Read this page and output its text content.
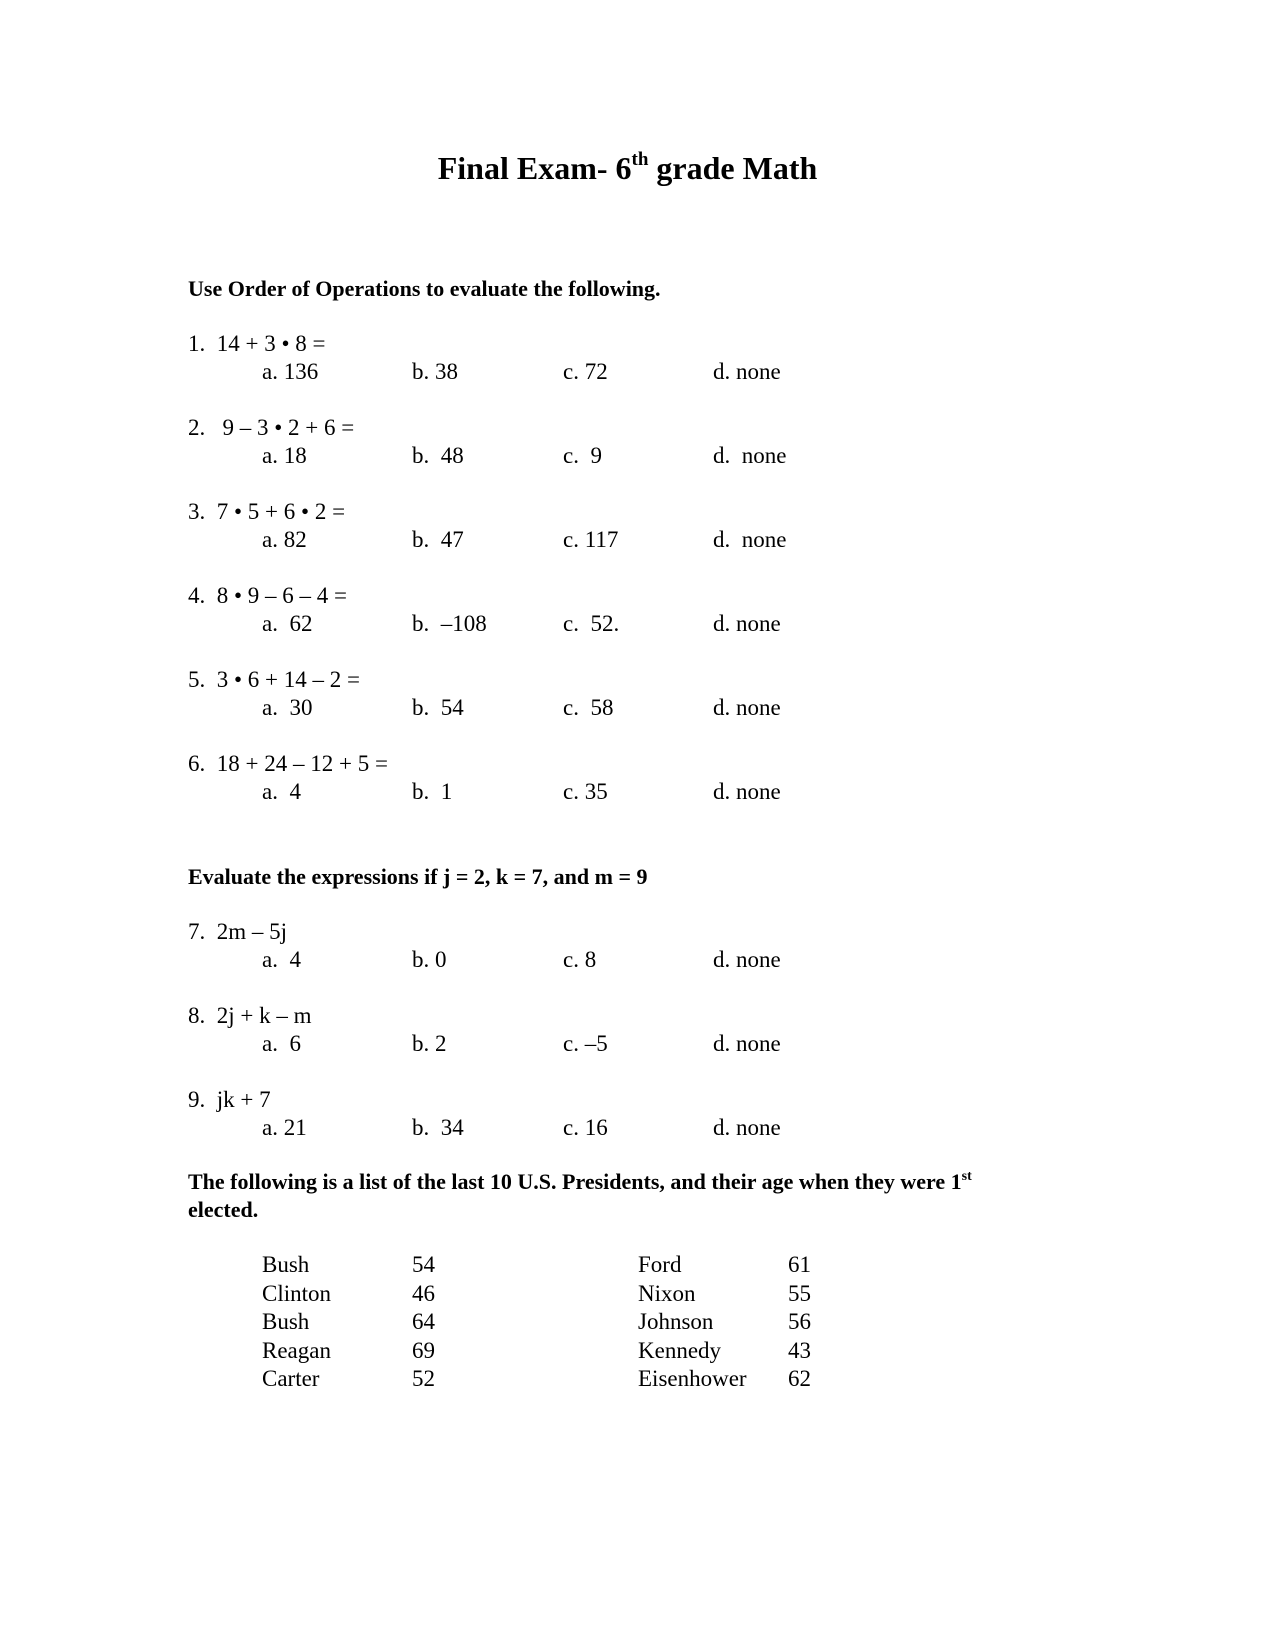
Final Exam- 6th grade Math
Use Order of Operations to evaluate the following.
1.  14 + 3 • 8 =
a. 136	b. 38	c. 72	d. none
2.   9 – 3 • 2 + 6 =
a. 18	b.  48	c.  9	d.  none
3.  7 • 5 + 6 • 2 =
a. 82	b.  47	c. 117	d.  none
4.  8 • 9 – 6 – 4 =
a.  62	b.  –108	c.  52.	d. none
5.  3 • 6 + 14 – 2 =
a.  30	b.  54	c.  58	d. none
6.  18 + 24 – 12 + 5 =
a.  4	b.  1	c. 35	d. none
Evaluate the expressions if j = 2, k = 7, and m = 9
7.  2m – 5j
a.  4	b. 0	c. 8	d. none
8.  2j + k – m
a.  6	b. 2	c. –5	d. none
9.  jk + 7
a. 21	b.  34	c. 16	d. none
The following is a list of the last 10 U.S. Presidents, and their age when they were 1st
elected.
Bush	54
Clinton	46
Bush	64
Reagan	69
Carter	52
Ford	61
Nixon	55
Johnson	56
Kennedy	43
Eisenhower 62
